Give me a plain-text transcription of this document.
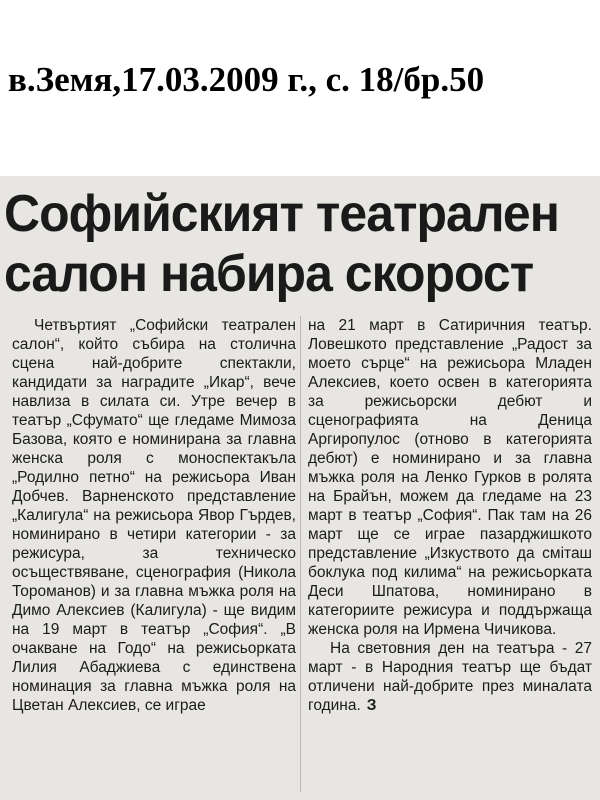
в.Земя,17.03.2009 г., с. 18/бр.50
Софийският театрален салон набира скорост

Четвъртият „Софийски театрален салон“, който събира на столична сцена най-добрите спектакли, кандидати за наградите „Икар“, вече навлиза в силата си. Утре вечер в театър „Сфумато“ ще гледаме Мимоза Базова, която е номинирана за главна женска роля с моноспектакъла „Родилно петно“ на режисьора Иван Добчев. Варненското представление „Калигула“ на режисьора Явор Гърдев, номинирано в четири категории - за режисура, за техническо осъществяване, сценография (Никола Тороманов) и за главна мъжка роля на Димо Алексиев (Калигула) - ще видим на 19 март в театър „София“. „В очакване на Годо“ на режисьорката Лилия Абаджиева с единствена номинация за главна мъжка роля на Цветан Алексиев, се играе

на 21 март в Сатиричния театър. Ловешкото представление „Радост за моето сърце“ на режисьора Младен Алексиев, което освен в категорията за режисьорски дебют и сценографията на Деница Аргиропулос (отново в категорията дебют) е номинирано и за главна мъжка роля на Ленко Гурков в ролята на Брайън, можем да гледаме на 23 март в театър „София“. Пак там на 26 март ще се играе пазарджишкото представление „Изкуството да сміташ боклука под килима“ на режисьорката Деси Шпатова, номинирано в категориите режисура и поддържаща женска роля на Ирмена Чичикова.

На световния ден на театъра - 27 март - в Народния театър ще бъдат отличени най-добрите през миналата година. З
